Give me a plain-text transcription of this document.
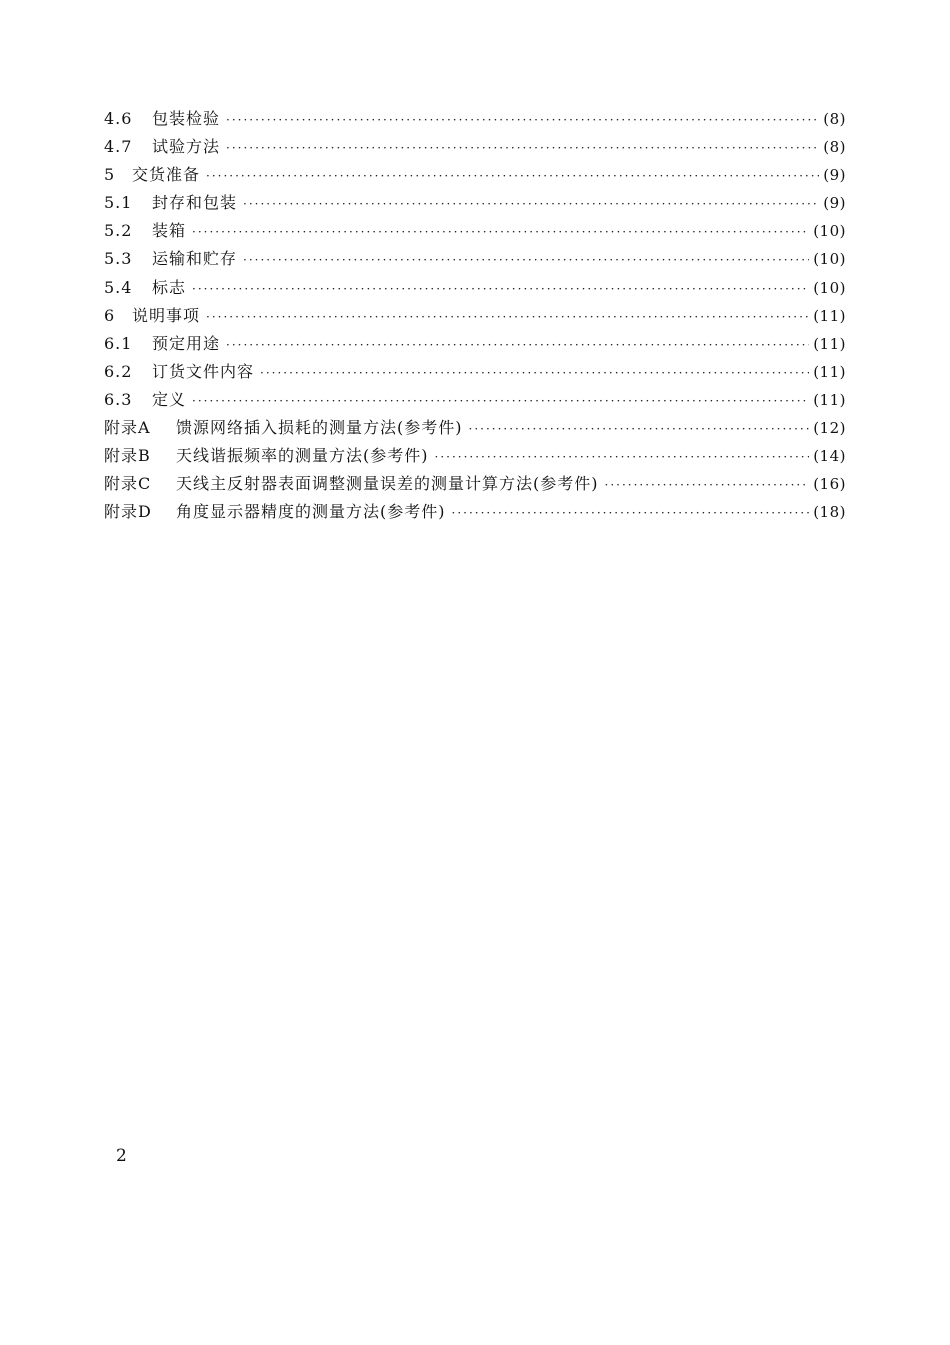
4.6	包装检验 ·····	(8)
4.7	试验方法 ·····	(8)
5	交货准备 ·····	(9)
5.1	封存和包装 ·····	(9)
5.2	装箱 ·····	(10)
5.3	运输和贮存 ·····	(10)
5.4	标志 ·····	(10)
6	说明事项 ·····	(11)
6.1	预定用途 ·····	(11)
6.2	订货文件内容 ·····	(11)
6.3	定义 ·····	(11)
附录A	馈源网络插入损耗的测量方法(参考件) ·····	(12)
附录B	天线谐振频率的测量方法(参考件) ·····	(14)
附录C	天线主反射器表面调整测量误差的测量计算方法(参考件) ·····	(16)
附录D	角度显示器精度的测量方法(参考件) ·····	(18)
2
